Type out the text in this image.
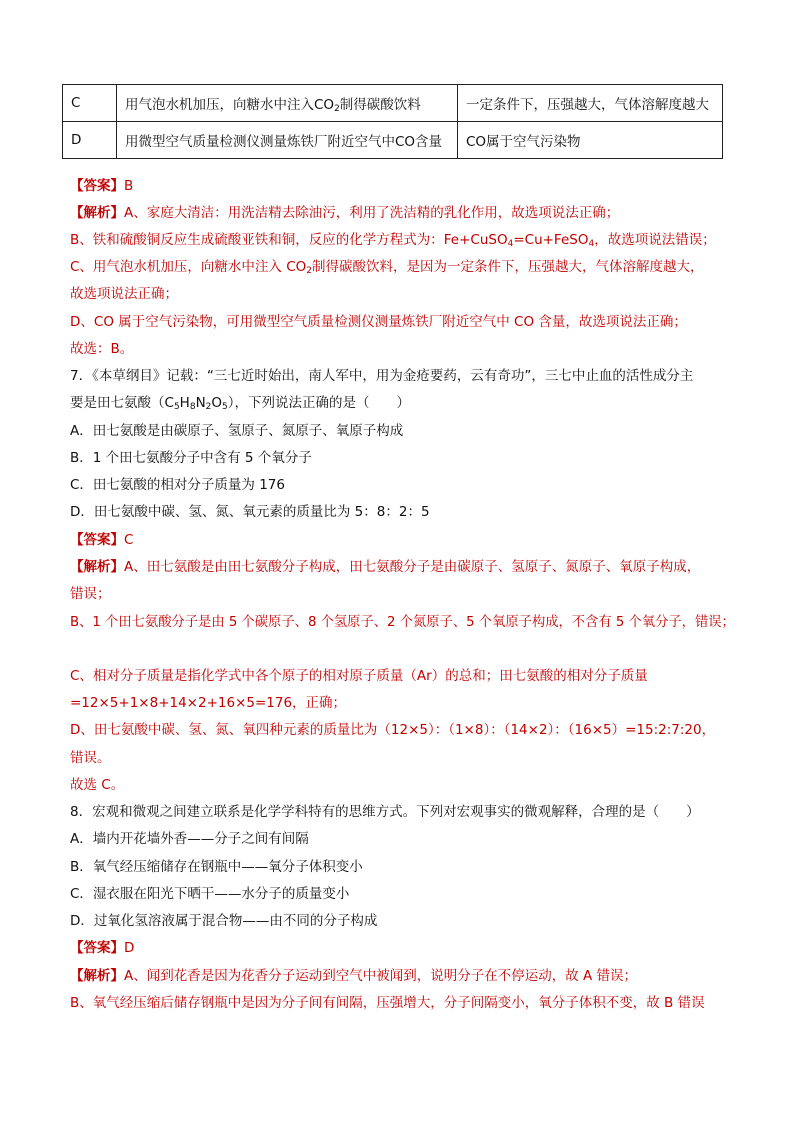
C	用气泡水机加压，向糖水中注入$CO_2$制得碳酸饮料	一定条件下，压强越大，气体溶解度越大
D	用微型空气质量检测仪测量炼铁厂附近空气中CO含量	CO属于空气污染物
【答案】B
【解析】A、家庭大清洁：用洗洁精去除油污，利用了洗洁精的乳化作用，故选项说法正确；
B、铁和硫酸铜反应生成硫酸亚铁和铜，反应的化学方程式为：Fe+CuSO$_4$=Cu+FeSO$_4$，故选项说法错误；
C、用气泡水机加压，向糖水中注入 $CO_2$制得碳酸饮料，是因为一定条件下，压强越大，气体溶解度越大，
故选项说法正确；
D、CO 属于空气污染物，可用微型空气质量检测仪测量炼铁厂附近空气中 CO 含量，故选项说法正确；
故选：B。
7．《本草纲目》记载：“三七近时始出，南人军中，用为金疮要药，云有奇功”，三七中止血的活性成分主
要是田七氨酸$(C_5H_8N_2O_5)$，下列说法正确的是（　　）
A．田七氨酸是由碳原子、氢原子、氮原子、氧原子构成
B．1 个田七氨酸分子中含有 5 个氧分子
C．田七氨酸的相对分子质量为 176
D．田七氨酸中碳、氢、氮、氧元素的质量比为 5：8：2：5
【答案】C
【解析】A、田七氨酸是由田七氨酸分子构成，田七氨酸分子是由碳原子、氢原子、氮原子、氧原子构成，
错误；
B、1 个田七氨酸分子是由 5 个碳原子、8 个氢原子、2 个氮原子、5 个氧原子构成，不含有 5 个氧分子，错误；
C、相对分子质量是指化学式中各个原子的相对原子质量（Ar）的总和；田七氨酸的相对分子质量
=12×5+1×8+14×2+16×5=176，正确；
D、田七氨酸中碳、氢、氮、氧四种元素的质量比为（12×5）：（1×8）：（14×2）：（16×5）=15:2:7:20，
错误。
故选 C。
8．宏观和微观之间建立联系是化学学科特有的思维方式。下列对宏观事实的微观解释，合理的是（　　）
A．墙内开花墙外香——分子之间有间隔
B．氧气经压缩储存在钢瓶中——氧分子体积变小
C．湿衣服在阳光下晒干——水分子的质量变小
D．过氧化氢溶液属于混合物——由不同的分子构成
【答案】D
【解析】A、闻到花香是因为花香分子运动到空气中被闻到，说明分子在不停运动，故 A 错误；
B、氧气经压缩后储存钢瓶中是因为分子间有间隔，压强增大，分子间隔变小，氧分子体积不变，故 B 错误
